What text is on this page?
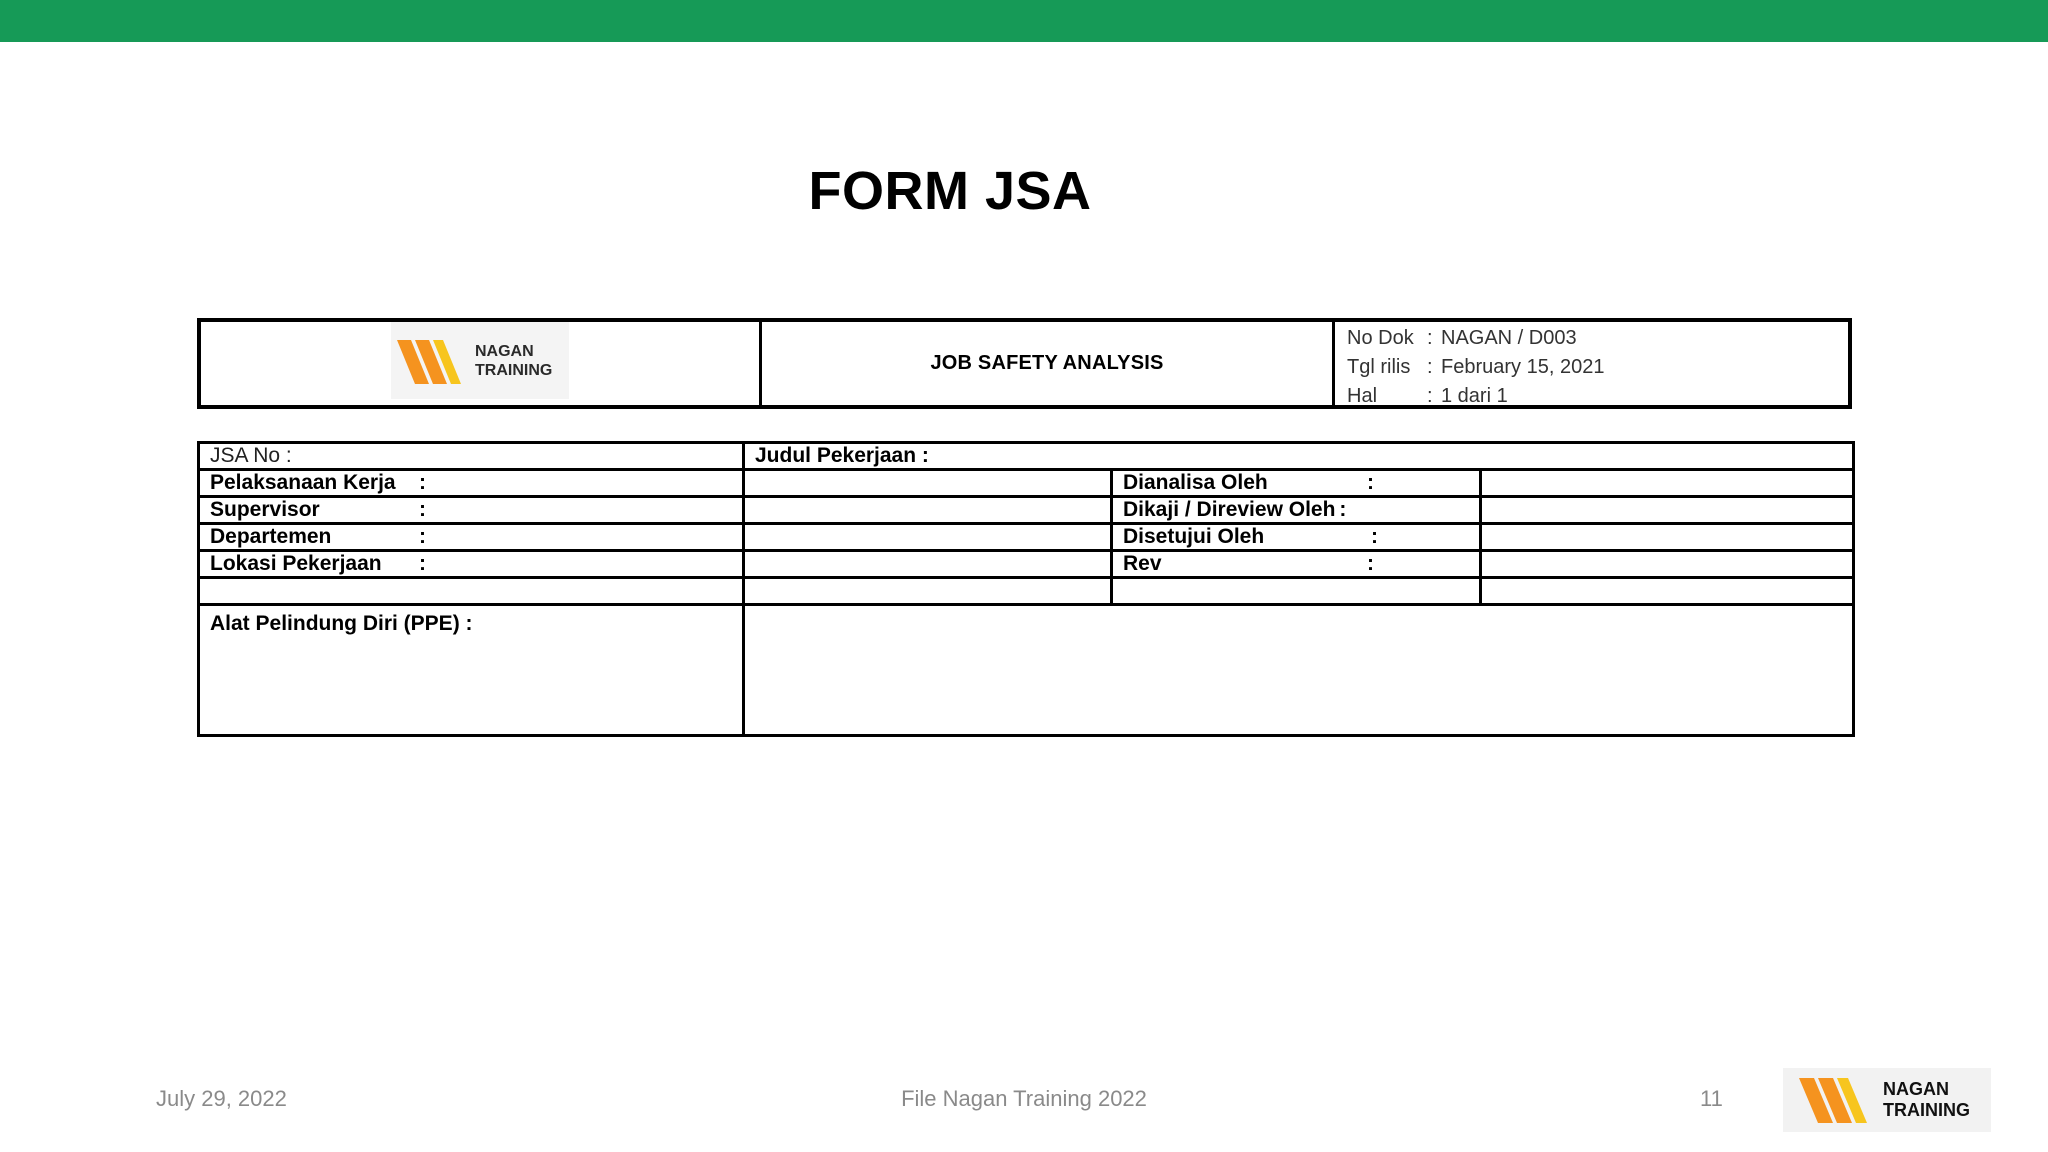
FORM JSA
NAGAN
TRAINING	JOB SAFETY ANALYSIS
No Dok : NAGAN / D003
Tgl rilis : February 15, 2021
Hal	: 1 dari 1
JSA No :	Judul Pekerjaan :		
Pelaksanaan Kerja :		Dianalisa Oleh :	
Supervisor :		Dikaji / Direview Oleh :	
Departemen :		Disetujui Oleh :	
Lokasi Pekerjaan :		Rev :	

Alat Pelindung Diri (PPE) :			
July 29, 2022	File Nagan Training 2022	11	NAGAN
TRAINING
